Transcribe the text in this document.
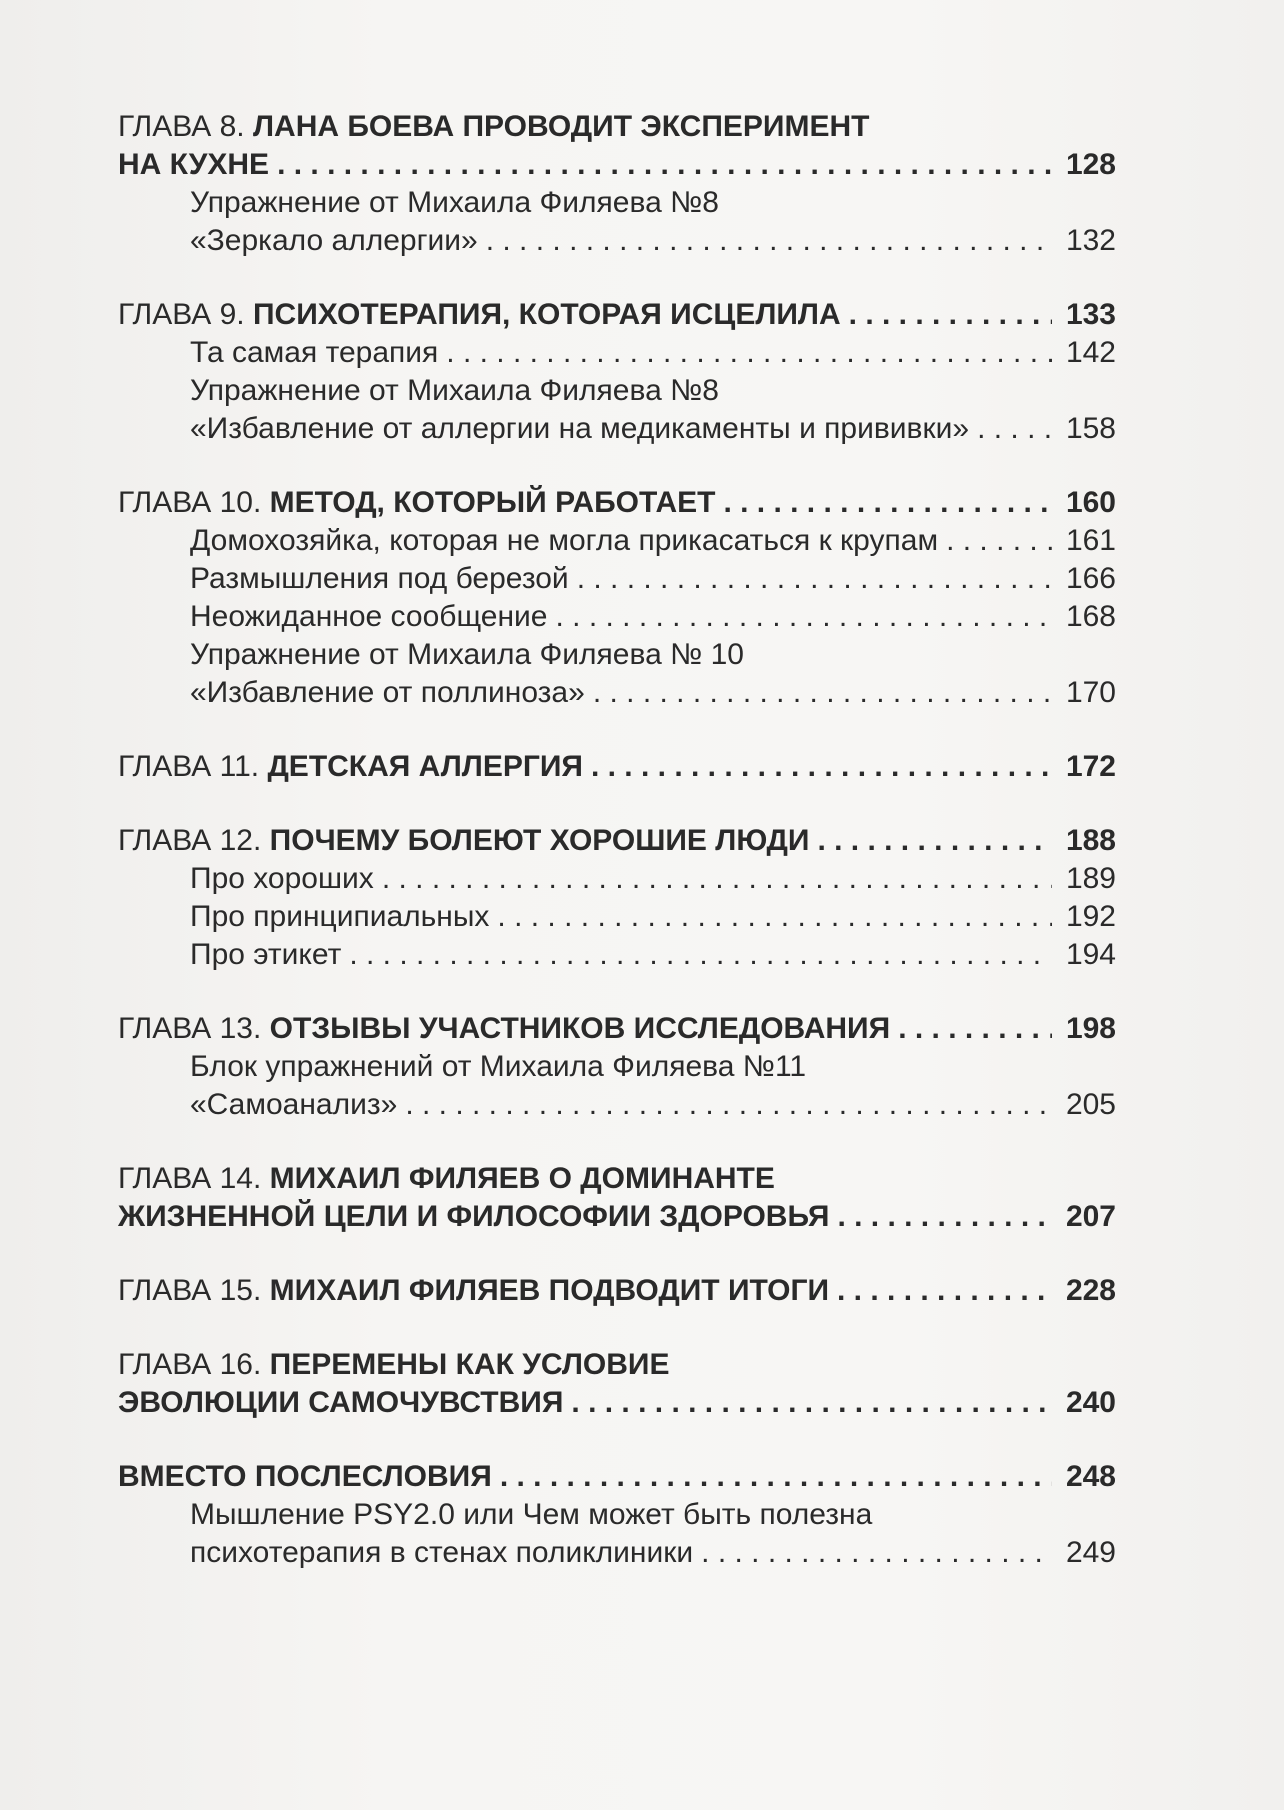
ГЛАВА 8. ЛАНА БОЕВА ПРОВОДИТ ЭКСПЕРИМЕНТ
НА КУХНЕ . . .	128
Упражнение от Михаила Филяева №8
«Зеркало аллергии» . . .	132
ГЛАВА 9. ПСИХОТЕРАПИЯ, КОТОРАЯ ИСЦЕЛИЛА . . .	133
Та самая терапия . . .	142
Упражнение от Михаила Филяева №8
«Избавление от аллергии на медикаменты и прививки» . . .	158
ГЛАВА 10. МЕТОД, КОТОРЫЙ РАБОТАЕТ . . .	160
Домохозяйка, которая не могла прикасаться к крупам . . .	161
Размышления под березой . . .	166
Неожиданное сообщение . . .	168
Упражнение от Михаила Филяева № 10
«Избавление от поллиноза» . . .	170
ГЛАВА 11. ДЕТСКАЯ АЛЛЕРГИЯ . . .	172
ГЛАВА 12. ПОЧЕМУ БОЛЕЮТ ХОРОШИЕ ЛЮДИ . . .	188
Про хороших . . .	189
Про принципиальных . . .	192
Про этикет . . .	194
ГЛАВА 13. ОТЗЫВЫ УЧАСТНИКОВ ИССЛЕДОВАНИЯ . . .	198
Блок упражнений от Михаила Филяева №11
«Самоанализ» . . .	205
ГЛАВА 14. МИХАИЛ ФИЛЯЕВ О ДОМИНАНТЕ
ЖИЗНЕННОЙ ЦЕЛИ И ФИЛОСОФИИ ЗДОРОВЬЯ . . .	207
ГЛАВА 15. МИХАИЛ ФИЛЯЕВ ПОДВОДИТ ИТОГИ . . .	228
ГЛАВА 16. ПЕРЕМЕНЫ КАК УСЛОВИЕ
ЭВОЛЮЦИИ САМОЧУВСТВИЯ . . .	240
ВМЕСТО ПОСЛЕСЛОВИЯ . . .	248
Мышление PSY2.0 или Чем может быть полезна
психотерапия в стенах поликлиники . . .	249
